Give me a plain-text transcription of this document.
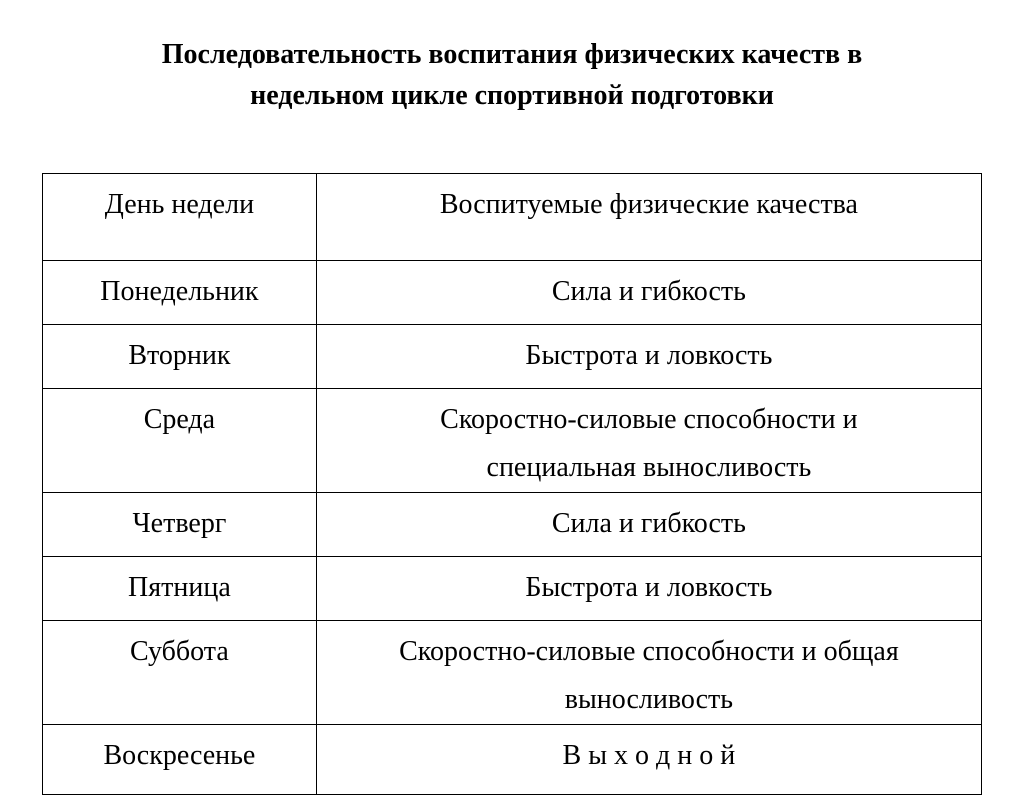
Последовательность воспитания физических качеств в
недельном цикле спортивной подготовки
День недели	Воспитуемые физические качества
Понедельник	Сила и гибкость
Вторник	Быстрота и ловкость
Среда	Скоростно-силовые способности и
специальная выносливость
Четверг	Сила и гибкость
Пятница	Быстрота и ловкость
Суббота	Скоростно-силовые способности и общая
выносливость
Воскресенье	В ы х о д н о й
